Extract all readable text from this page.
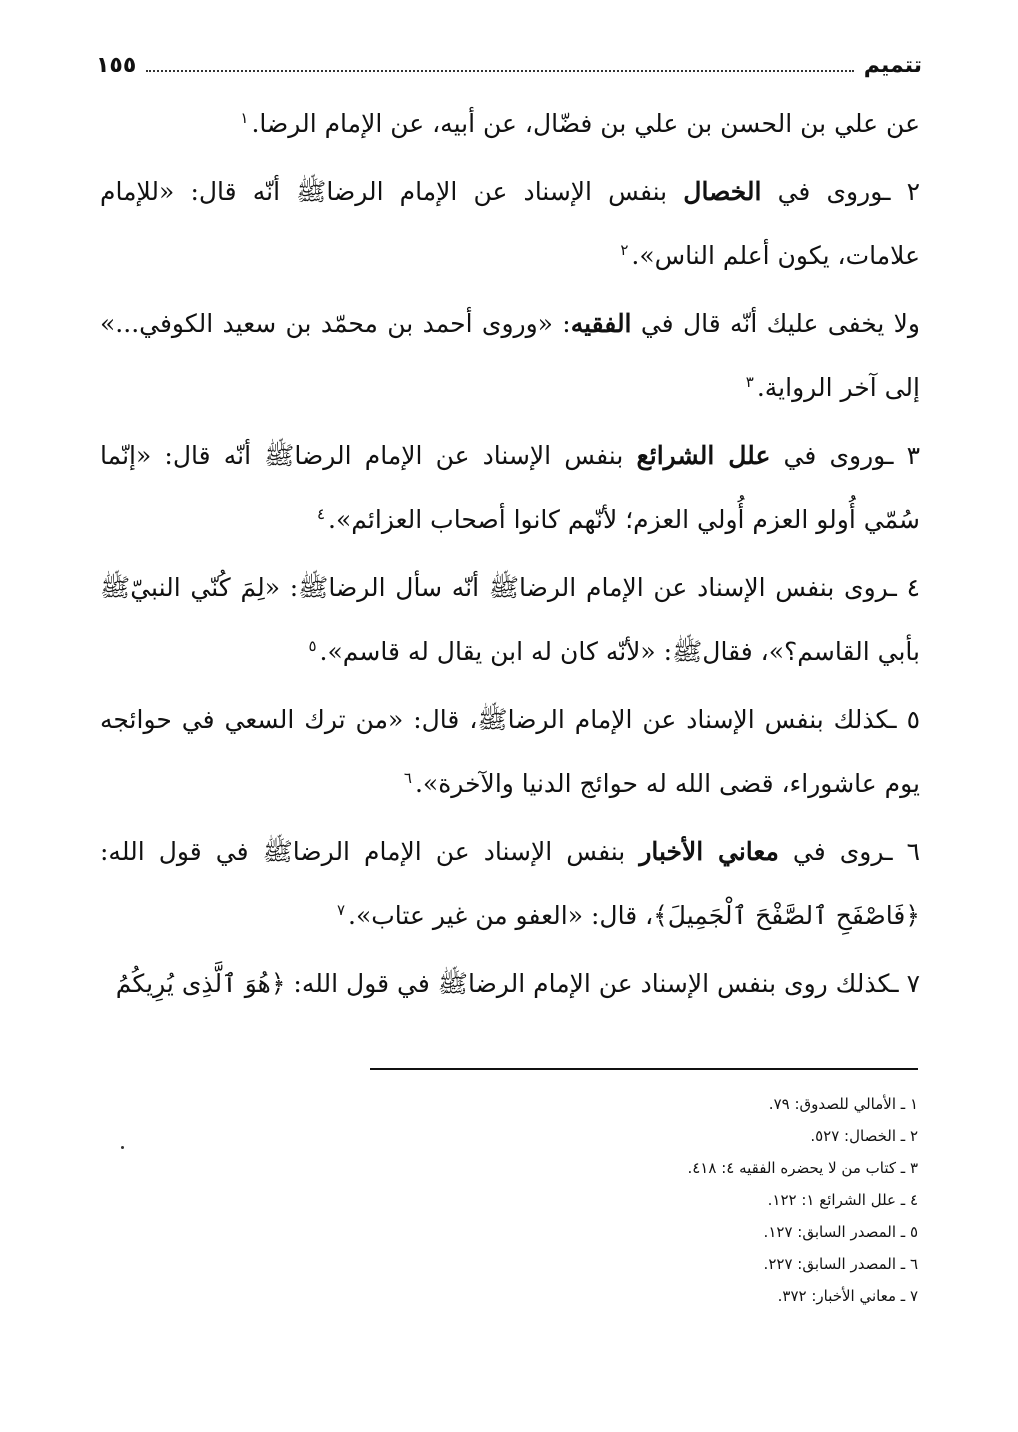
تتميم
١٥٥

عن علي بن الحسن بن علي بن فضّال، عن أبيه، عن الإمام الرضا.$^١$

٢ ـوروى في الخصال بنفس الإسناد عن الإمام الرضاﷺ أنّه قال: «للإمام علامات، يكون أعلم الناس».$^٢$

ولا يخفى عليك أنّه قال في الفقيه: «وروى أحمد بن محمّد بن سعيد الكوفي...» إلى آخر الرواية.$^٣$

٣ ـوروى في علل الشرائع بنفس الإسناد عن الإمام الرضاﷺ أنّه قال: «إنّما سُمّي أُولو العزم أُولي العزم؛ لأنّهم كانوا أصحاب العزائم».$^٤$

٤ ـروى بنفس الإسناد عن الإمام الرضاﷺ أنّه سأل الرضاﷺ: «لِمَ كُنّي النبيّﷺ بأبي القاسم؟»، فقالﷺ: «لأنّه كان له ابن يقال له قاسم».$^٥$

٥ ـكذلك بنفس الإسناد عن الإمام الرضاﷺ، قال: «من ترك السعي في حوائجه يوم عاشوراء، قضى الله له حوائج الدنيا والآخرة».$^٦$

٦ ـروى في معاني الأخبار بنفس الإسناد عن الإمام الرضاﷺ في قول الله: ﴿فَاصْفَحِ ٱلصَّفْحَ ٱلْجَمِيلَ﴾، قال: «العفو من غير عتاب».$^٧$

٧ ـكذلك روى بنفس الإسناد عن الإمام الرضاﷺ في قول الله: ﴿هُوَ ٱلَّذِى يُرِيكُمُ

١ ـ الأمالي للصدوق: ٧٩.
٢ ـ الخصال: ٥٢٧.
٣ ـ كتاب من لا يحضره الفقيه ٤: ٤١٨.
٤ ـ علل الشرائع ١: ١٢٢.
٥ ـ المصدر السابق: ١٢٧.
٦ ـ المصدر السابق: ٢٢٧.
٧ ـ معاني الأخبار: ٣٧٢.
